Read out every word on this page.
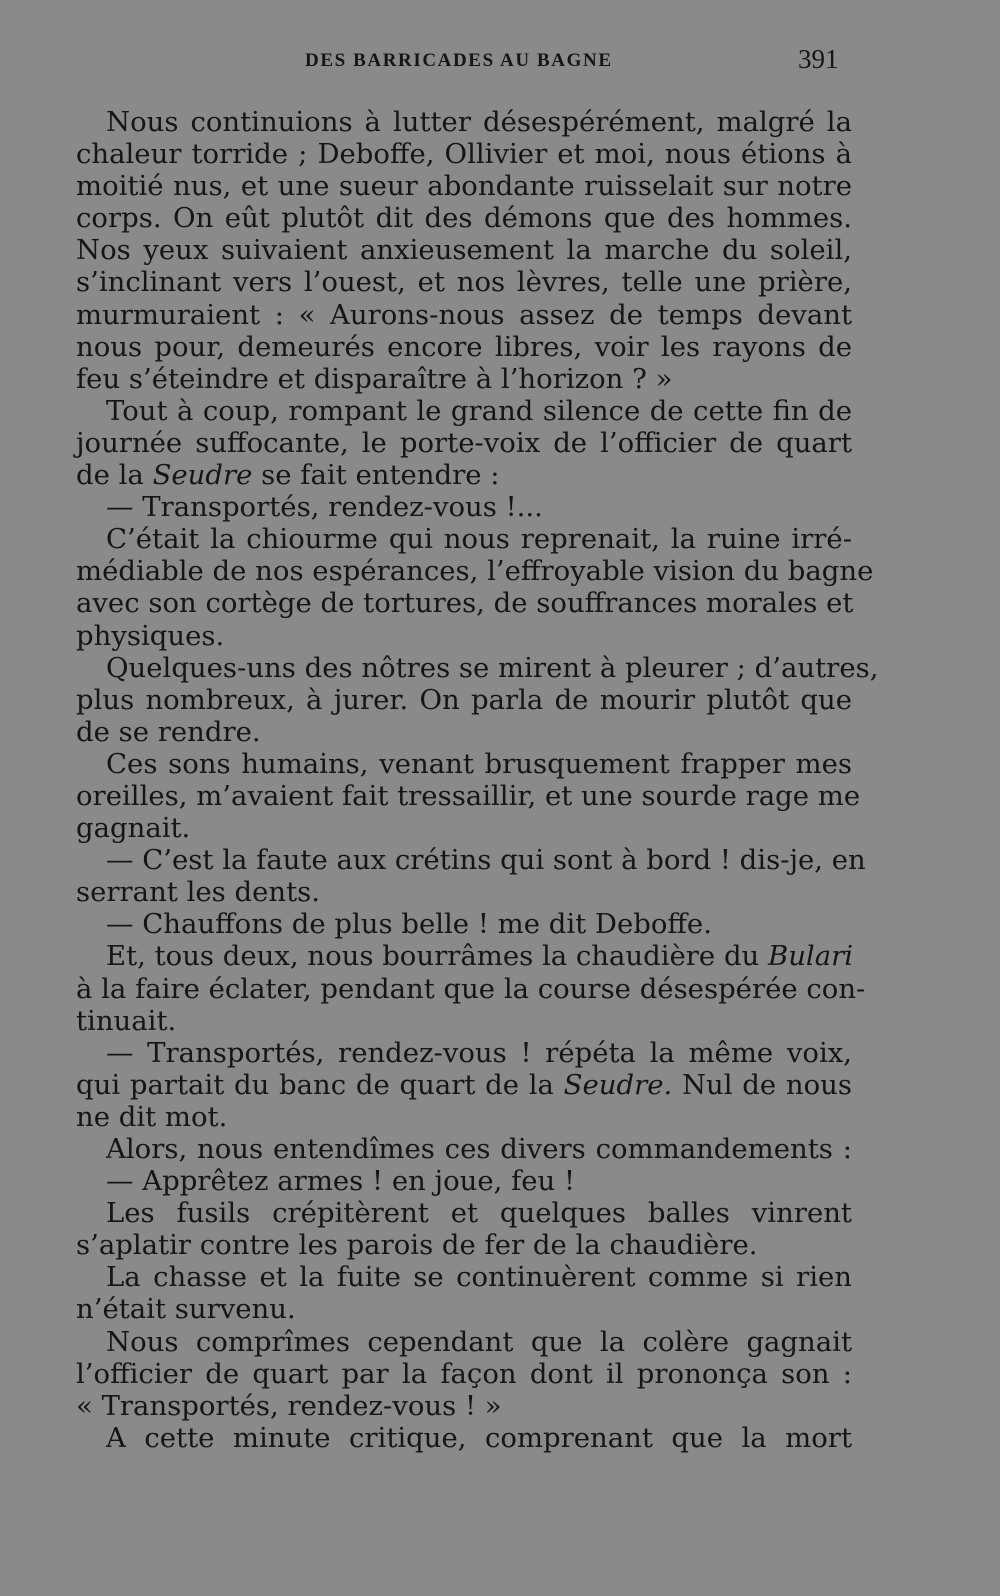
DES BARRICADES AU BAGNE	391
Nous continuions à lutter désespérément, malgré la
chaleur torride ; Deboffe, Ollivier et moi, nous étions à
moitié nus, et une sueur abondante ruisselait sur notre
corps. On eût plutôt dit des démons que des hommes.
Nos yeux suivaient anxieusement la marche du soleil,
s’inclinant vers l’ouest, et nos lèvres, telle une prière,
murmuraient : « Aurons-nous assez de temps devant
nous pour, demeurés encore libres, voir les rayons de
feu s’éteindre et disparaître à l’horizon ? »
Tout à coup, rompant le grand silence de cette fin de
journée suffocante, le porte-voix de l’officier de quart
de la Seudre se fait entendre :
— Transportés, rendez-vous !...
C’était la chiourme qui nous reprenait, la ruine irré-
médiable de nos espérances, l’effroyable vision du bagne
avec son cortège de tortures, de souffrances morales et
physiques.
Quelques-uns des nôtres se mirent à pleurer ; d’autres,
plus nombreux, à jurer. On parla de mourir plutôt que
de se rendre.
Ces sons humains, venant brusquement frapper mes
oreilles, m’avaient fait tressaillir, et une sourde rage me
gagnait.
— C’est la faute aux crétins qui sont à bord ! dis-je, en
serrant les dents.
— Chauffons de plus belle ! me dit Deboffe.
Et, tous deux, nous bourrâmes la chaudière du Bulari
à la faire éclater, pendant que la course désespérée con-
tinuait.
— Transportés, rendez-vous ! répéta la même voix,
qui partait du banc de quart de la Seudre. Nul de nous
ne dit mot.
Alors, nous entendîmes ces divers commandements :
— Apprêtez armes ! en joue, feu !
Les fusils crépitèrent et quelques balles vinrent
s’aplatir contre les parois de fer de la chaudière.
La chasse et la fuite se continuèrent comme si rien
n’était survenu.
Nous comprîmes cependant que la colère gagnait
l’officier de quart par la façon dont il prononça son :
« Transportés, rendez-vous ! »
A cette minute critique, comprenant que la mort
